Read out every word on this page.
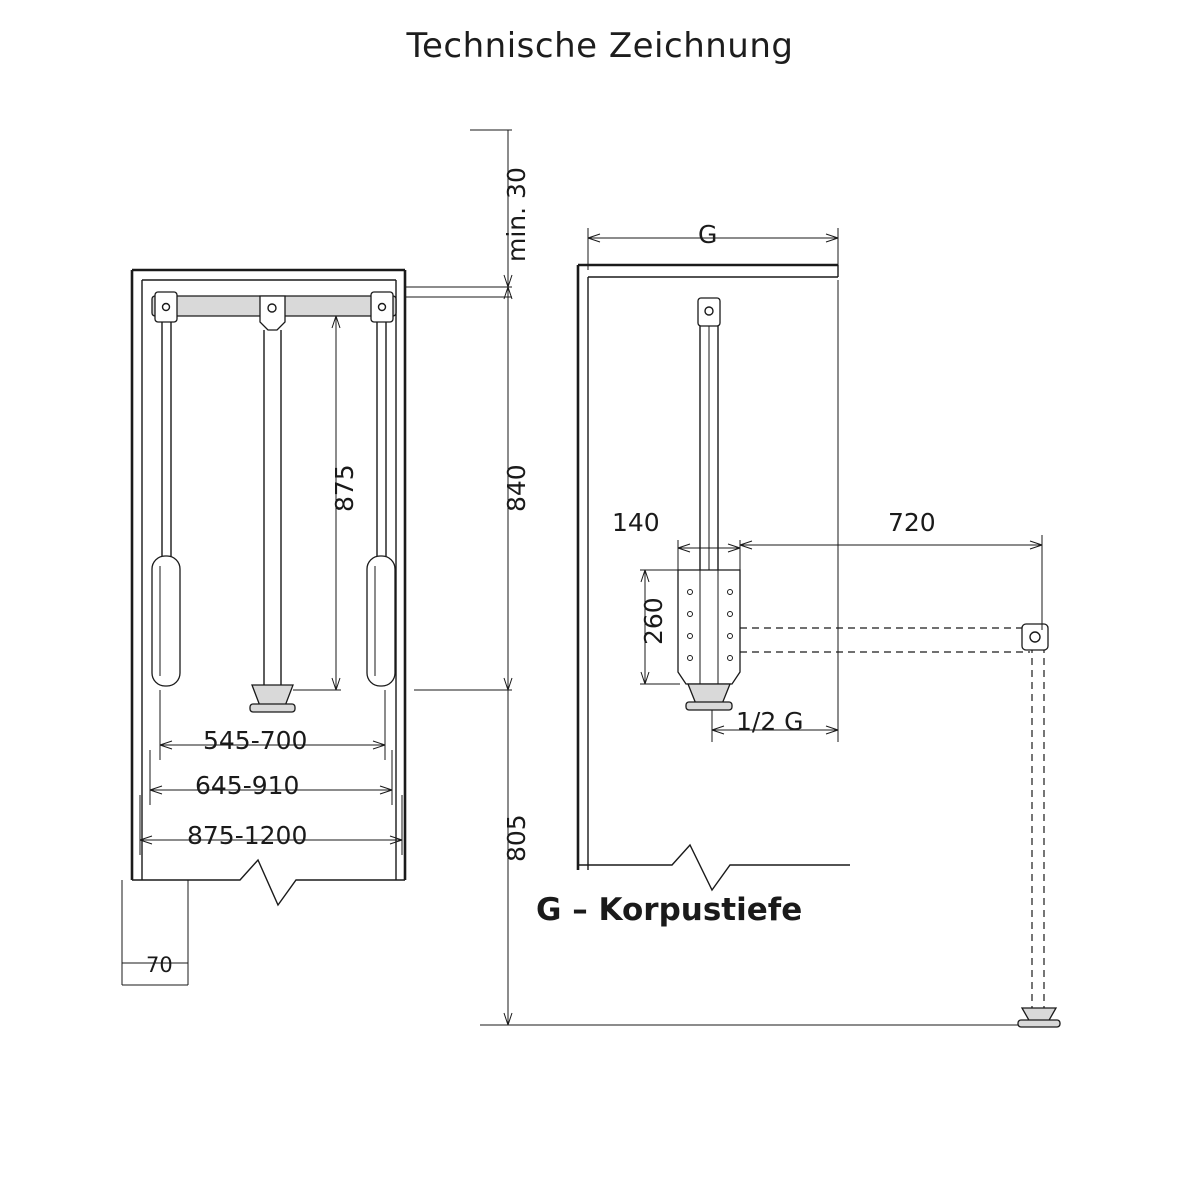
Technische Zeichnung
min. 30
875	840
805
545-700
645-910
875-1200
70
G
140
260
720
1/2 G
G – Korpustiefe
